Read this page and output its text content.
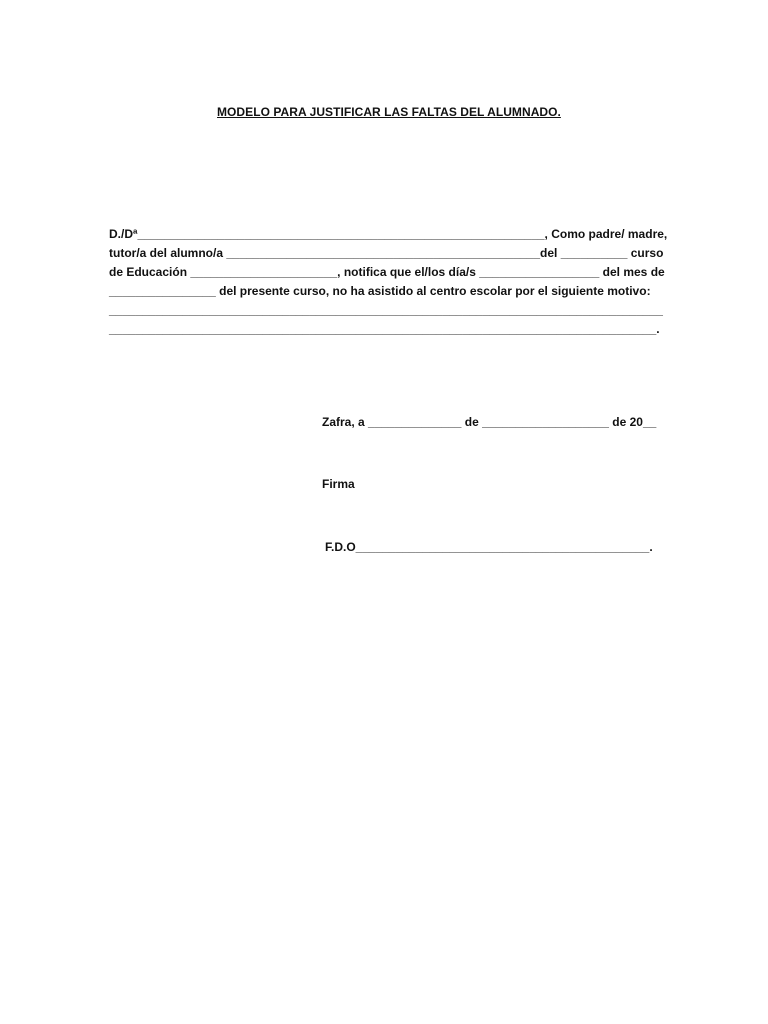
MODELO PARA JUSTIFICAR LAS FALTAS DEL ALUMNADO.
D./Dª_____________________________________________________________, Como padre/ madre,
tutor/a del alumno/a _______________________________________________del __________ curso
de Educación ______________________, notifica que el/los día/s __________________ del mes de
________________ del presente curso, no ha asistido al centro escolar por el siguiente motivo:
___________________________________________________________________________________
__________________________________________________________________________________.
Zafra, a ______________ de ___________________ de 20__
Firma
F.D.O____________________________________________.
